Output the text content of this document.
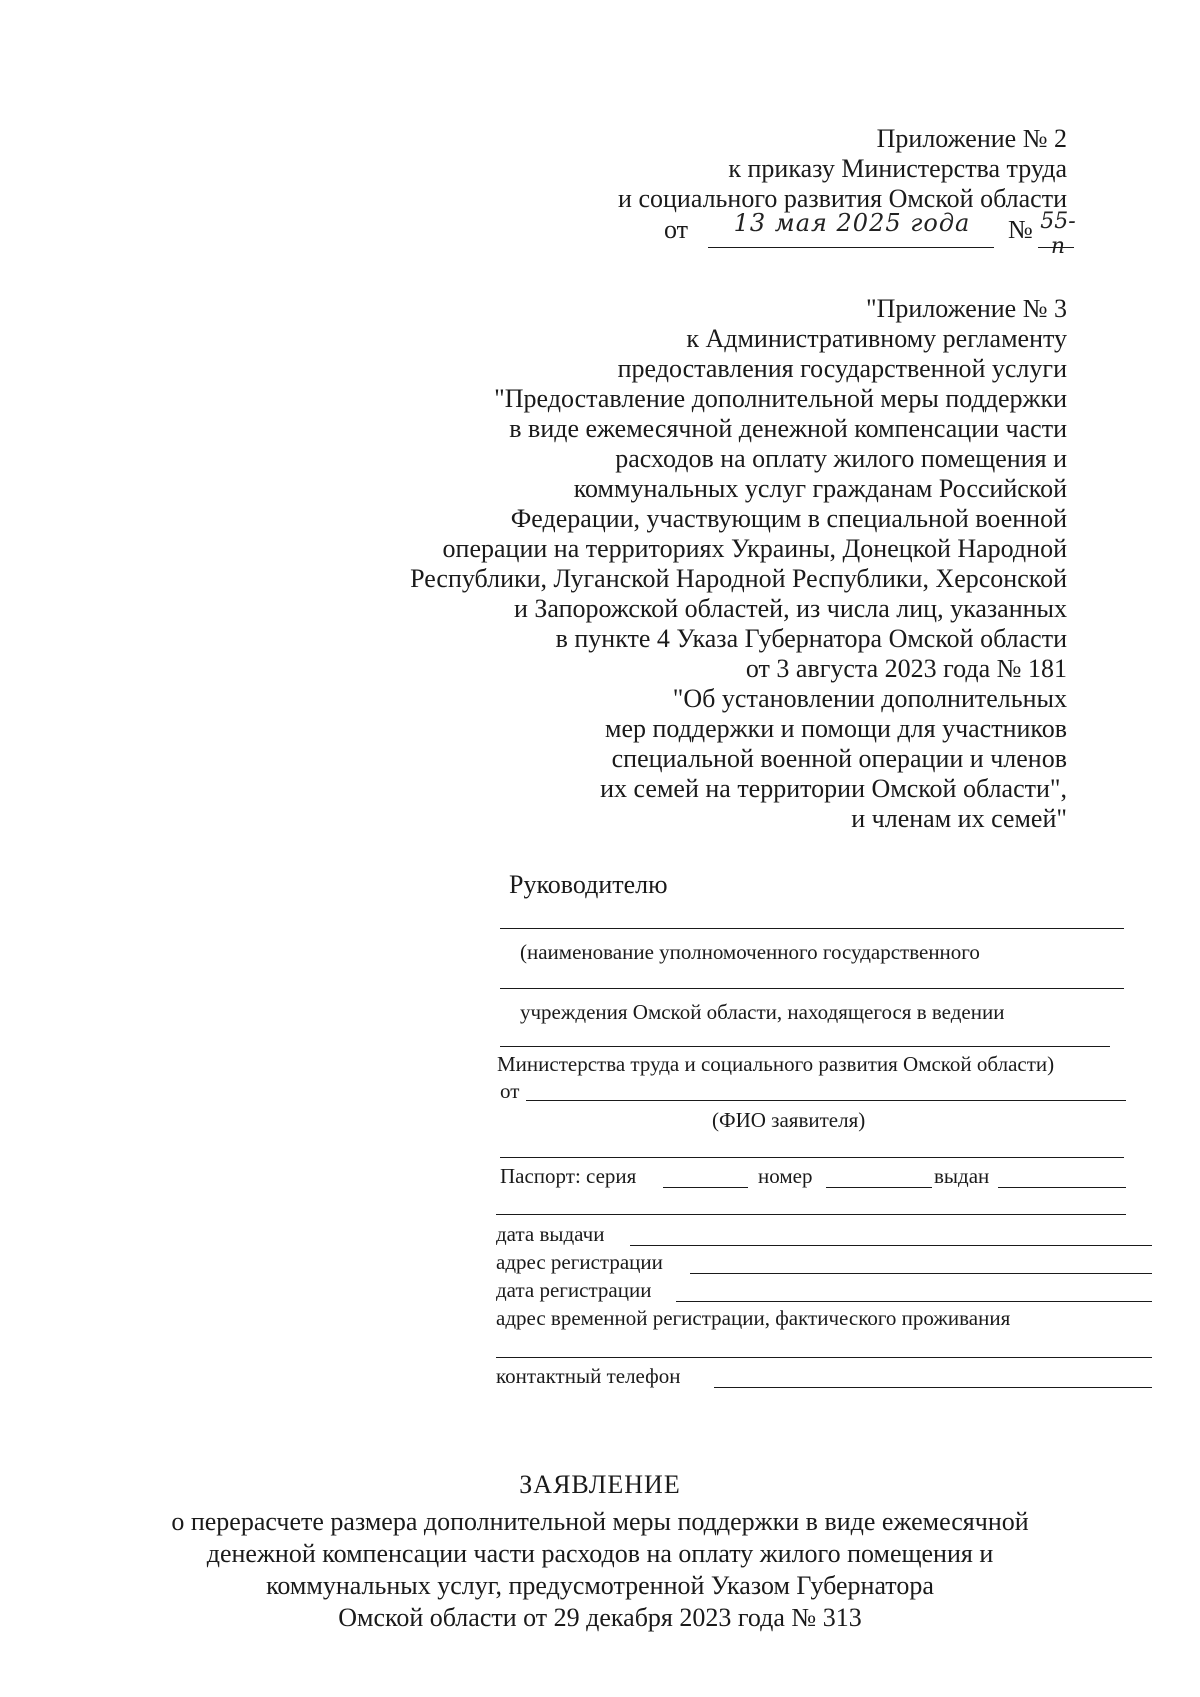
Приложение № 2
к приказу Министерства труда
и социального развития Омской области
от	13 мая 2025 года	№ 55-п
"Приложение № 3
к Административному регламенту
предоставления государственной услуги
"Предоставление дополнительной меры поддержки
в виде ежемесячной денежной компенсации части
расходов на оплату жилого помещения и
коммунальных услуг гражданам Российской
Федерации, участвующим в специальной военной
операции на территориях Украины, Донецкой Народной
Республики, Луганской Народной Республики, Херсонской
и Запорожской областей, из числа лиц, указанных
в пункте 4 Указа Губернатора Омской области
от 3 августа 2023 года № 181
"Об установлении дополнительных
мер поддержки и помощи для участников
специальной военной операции и членов
их семей на территории Омской области",
и членам их семей"
Руководителю
(наименование уполномоченного государственного
учреждения Омской области, находящегося в ведении
Министерства труда и социального развития Омской области)
от
(ФИО заявителя)
Паспорт: серия	номер	выдан
дата выдачи
адрес регистрации
дата регистрации
адрес временной регистрации, фактического проживания
контактный телефон
ЗАЯВЛЕНИЕ
о перерасчете размера дополнительной меры поддержки в виде ежемесячной
денежной компенсации части расходов на оплату жилого помещения и
коммунальных услуг, предусмотренной Указом Губернатора
Омской области от 29 декабря 2023 года № 313
